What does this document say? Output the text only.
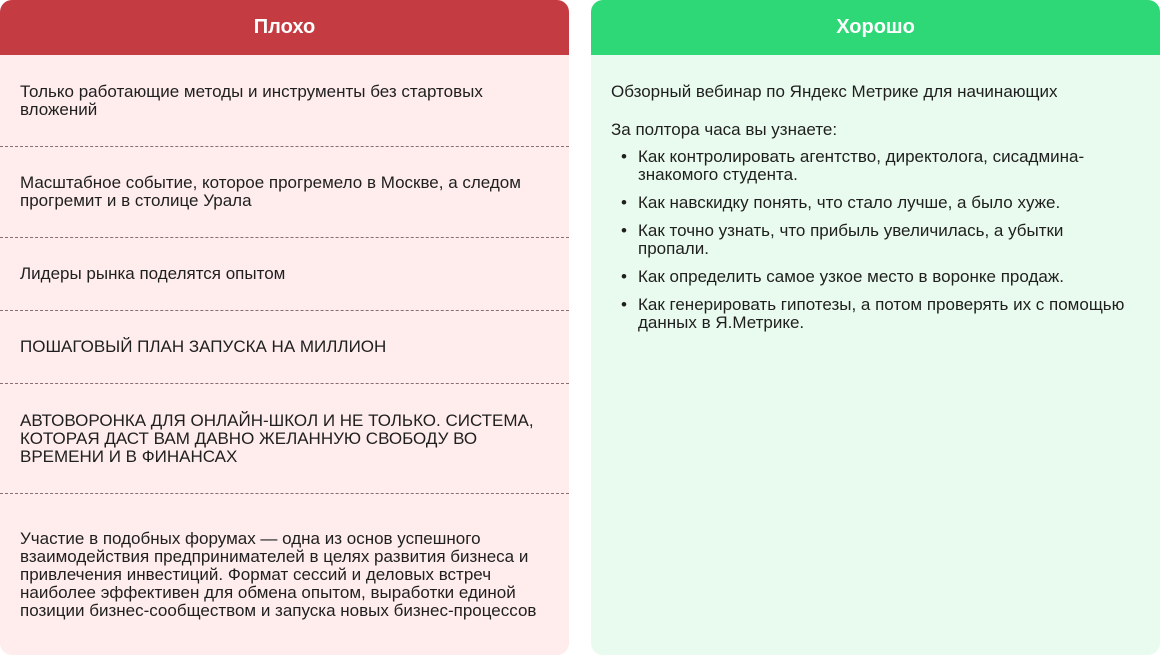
Плохо
Только работающие методы и инструменты без стартовых вложений
Масштабное событие, которое прогремело в Москве, а следом прогремит и в столице Урала
Лидеры рынка поделятся опытом
ПОШАГОВЫЙ ПЛАН ЗАПУСКА НА МИЛЛИОН
АВТОВОРОНКА ДЛЯ ОНЛАЙН-ШКОЛ И НЕ ТОЛЬКО. СИСТЕМА, КОТОРАЯ ДАСТ ВАМ ДАВНО ЖЕЛАННУЮ СВОБОДУ ВО ВРЕМЕНИ И В ФИНАНСАХ
Участие в подобных форумах — одна из основ успешного взаимодействия предпринимателей в целях развития бизнеса и привлечения инвестиций. Формат сессий и деловых встреч наиболее эффективен для обмена опытом, выработки единой позиции бизнес-сообществом и запуска новых бизнес-процессов
Хорошо

Обзорный вебинар по Яндекс Метрике для начинающих

За полтора часа вы узнаете:

• Как контролировать агентство, директолога, сисадмина-знакомого студента.
• Как навскидку понять, что стало лучше, а было хуже.
• Как точно узнать, что прибыль увеличилась, а убытки пропали.
• Как определить самое узкое место в воронке продаж.
• Как генерировать гипотезы, а потом проверять их с помощью данных в Я.Метрике.
